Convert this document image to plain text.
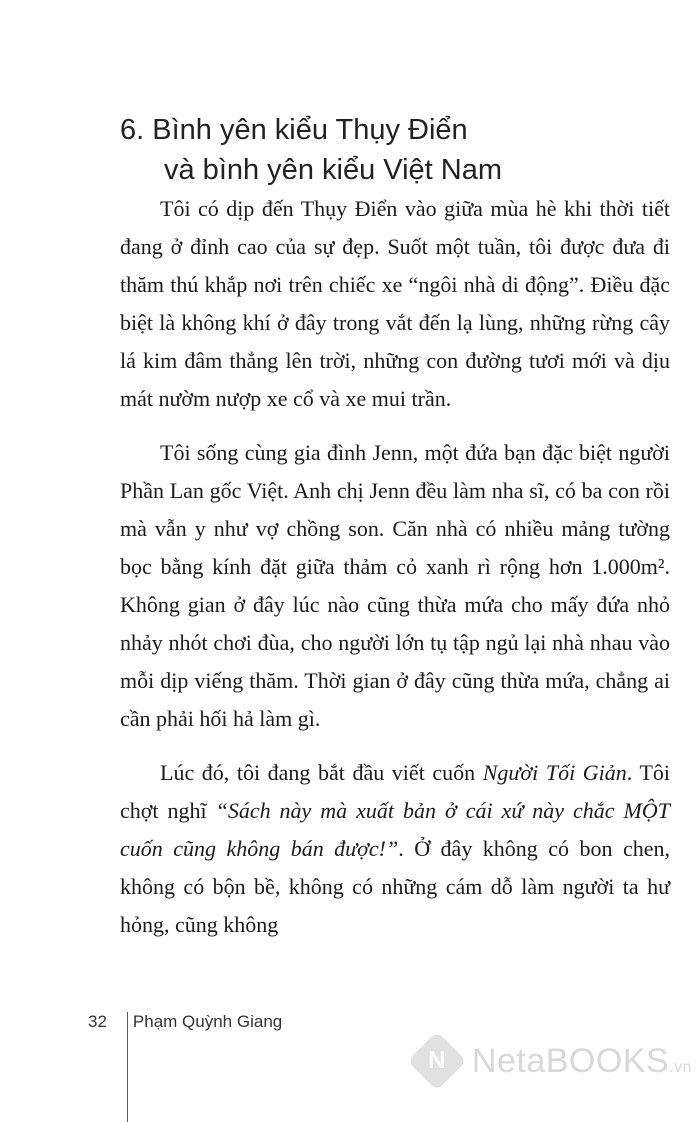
6. Bình yên kiểu Thụy Điển
và bình yên kiểu Việt Nam

Tôi có dịp đến Thụy Điển vào giữa mùa hè khi thời tiết đang ở đỉnh cao của sự đẹp. Suốt một tuần, tôi được đưa đi thăm thú khắp nơi trên chiếc xe “ngôi nhà di động”. Điều đặc biệt là không khí ở đây trong vắt đến lạ lùng, những rừng cây lá kim đâm thẳng lên trời, những con đường tươi mới và dịu mát nườm nượp xe cổ và xe mui trần.

Tôi sống cùng gia đình Jenn, một đứa bạn đặc biệt người Phần Lan gốc Việt. Anh chị Jenn đều làm nha sĩ, có ba con rồi mà vẫn y như vợ chồng son. Căn nhà có nhiều mảng tường bọc bằng kính đặt giữa thảm cỏ xanh rì rộng hơn 1.000m². Không gian ở đây lúc nào cũng thừa mứa cho mấy đứa nhỏ nhảy nhót chơi đùa, cho người lớn tụ tập ngủ lại nhà nhau vào mỗi dịp viếng thăm. Thời gian ở đây cũng thừa mứa, chẳng ai cần phải hối hả làm gì.

Lúc đó, tôi đang bắt đầu viết cuốn Người Tối Giản. Tôi chợt nghĩ “Sách này mà xuất bản ở cái xứ này chắc MỘT cuốn cũng không bán được!”. Ở đây không có bon chen, không có bộn bề, không có những cám dỗ làm người ta hư hỏng, cũng không

32 Phạm Quỳnh Giang
N NetaBOOKS.vn
